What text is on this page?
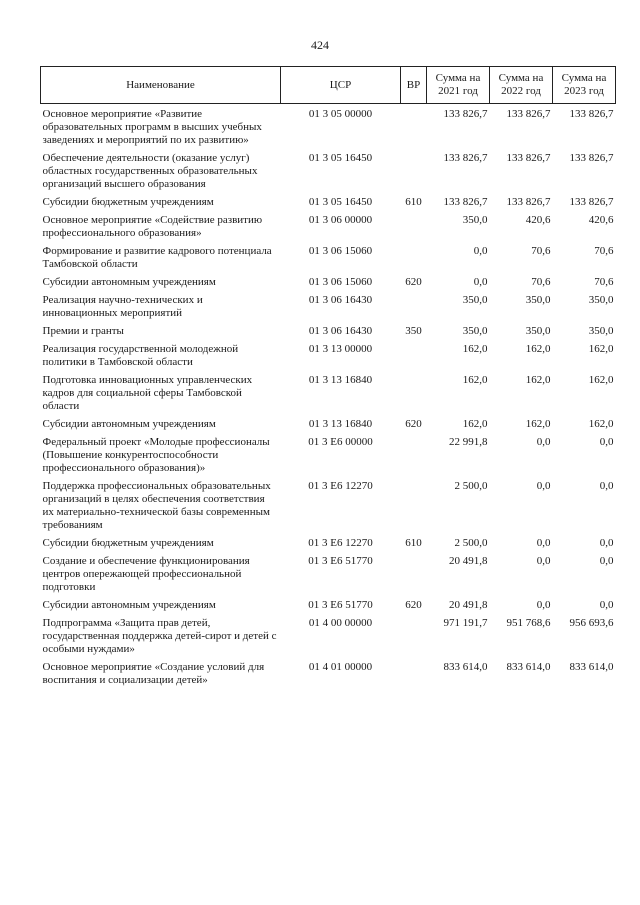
424
Наименование	ЦСР	ВР	Сумма на 2021 год	Сумма на 2022 год	Сумма на 2023 год
Основное мероприятие «Развитие образовательных программ в высших учебных заведениях и мероприятий по их развитию»	01 3 05 00000		133 826,7	133 826,7	133 826,7
Обеспечение деятельности (оказание услуг) областных государственных образовательных организаций высшего образования	01 3 05 16450		133 826,7	133 826,7	133 826,7
Субсидии бюджетным учреждениям	01 3 05 16450	610	133 826,7	133 826,7	133 826,7
Основное мероприятие «Содействие развитию профессионального образования»	01 3 06 00000		350,0	420,6	420,6
Формирование и развитие кадрового потенциала Тамбовской области	01 3 06 15060		0,0	70,6	70,6
Субсидии автономным учреждениям	01 3 06 15060	620	0,0	70,6	70,6
Реализация научно-технических и инновационных мероприятий	01 3 06 16430		350,0	350,0	350,0
Премии и гранты	01 3 06 16430	350	350,0	350,0	350,0
Реализация государственной молодежной политики в Тамбовской области	01 3 13 00000		162,0	162,0	162,0
Подготовка инновационных управленческих кадров для социальной сферы Тамбовской области	01 3 13 16840		162,0	162,0	162,0
Субсидии автономным учреждениям	01 3 13 16840	620	162,0	162,0	162,0
Федеральный проект «Молодые профессионалы (Повышение конкурентоспособности профессионального образования)»	01 3 E6 00000		22 991,8	0,0	0,0
Поддержка профессиональных образовательных организаций в целях обеспечения соответствия их материально-технической базы современным требованиям	01 3 E6 12270		2 500,0	0,0	0,0
Субсидии бюджетным учреждениям	01 3 E6 12270	610	2 500,0	0,0	0,0
Создание и обеспечение функционирования центров опережающей профессиональной подготовки	01 3 E6 51770		20 491,8	0,0	0,0
Субсидии автономным учреждениям	01 3 E6 51770	620	20 491,8	0,0	0,0
Подпрограмма «Защита прав детей, государственная поддержка детей-сирот и детей с особыми нуждами»	01 4 00 00000		971 191,7	951 768,6	956 693,6
Основное мероприятие «Создание условий для воспитания и социализации детей»	01 4 01 00000		833 614,0	833 614,0	833 614,0
